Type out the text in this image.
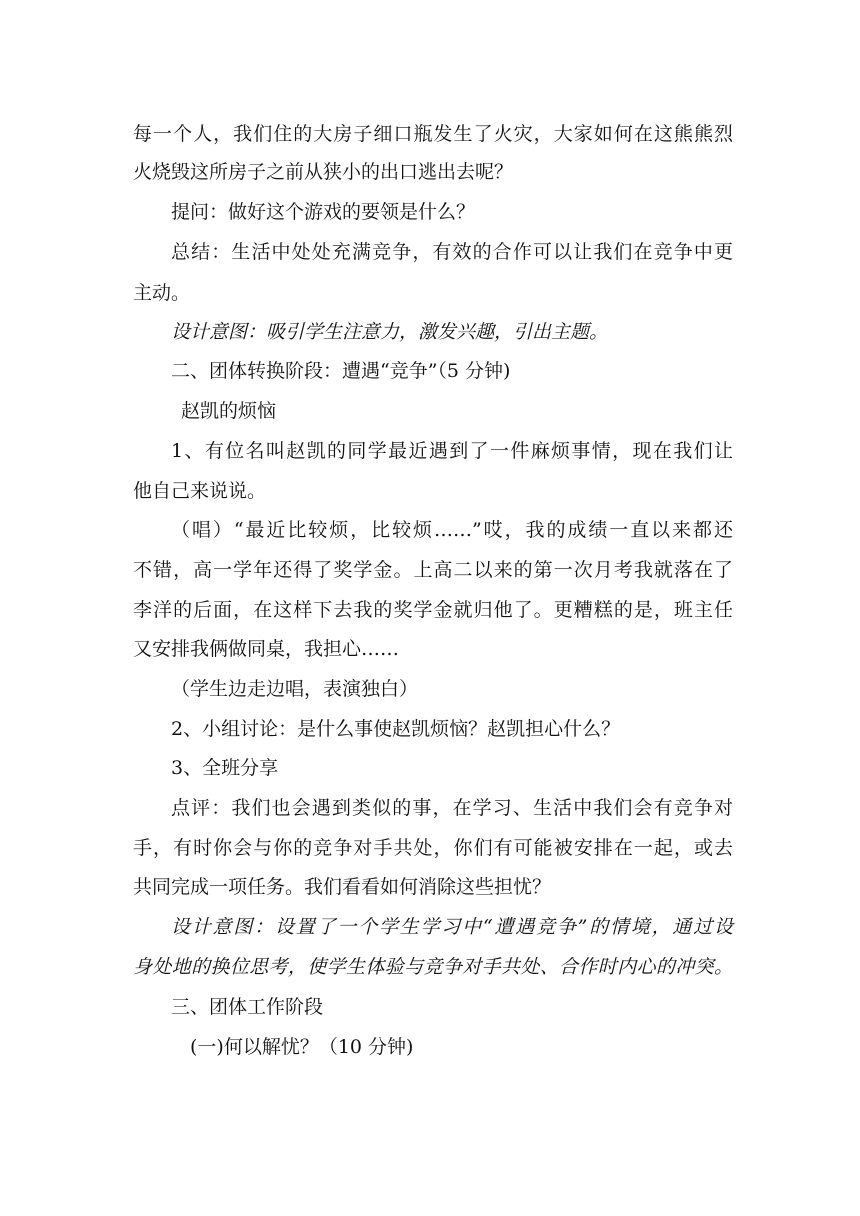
每一个人，我们住的大房子细口瓶发生了火灾，大家如何在这熊熊烈

火烧毁这所房子之前从狭小的出口逃出去呢？

提问：做好这个游戏的要领是什么？

总结：生活中处处充满竞争，有效的合作可以让我们在竞争中更

主动。

设计意图：吸引学生注意力，激发兴趣，引出主题。

二、团体转换阶段：遭遇“竞争”（5 分钟)

赵凯的烦恼

1、有位名叫赵凯的同学最近遇到了一件麻烦事情，现在我们让

他自己来说说。

（唱）“最近比较烦，比较烦……”哎，我的成绩一直以来都还

不错，高一学年还得了奖学金。上高二以来的第一次月考我就落在了

李洋的后面，在这样下去我的奖学金就归他了。更糟糕的是，班主任

又安排我俩做同桌，我担心……

（学生边走边唱，表演独白）

2、小组讨论：是什么事使赵凯烦恼？赵凯担心什么？

3、全班分享

点评：我们也会遇到类似的事，在学习、生活中我们会有竞争对

手，有时你会与你的竞争对手共处，你们有可能被安排在一起，或去

共同完成一项任务。我们看看如何消除这些担忧？

设计意图：设置了一个学生学习中“遭遇竞争”的情境，通过设

身处地的换位思考，使学生体验与竞争对手共处、合作时内心的冲突。

三、团体工作阶段

(一)何以解忧？（10 分钟)
